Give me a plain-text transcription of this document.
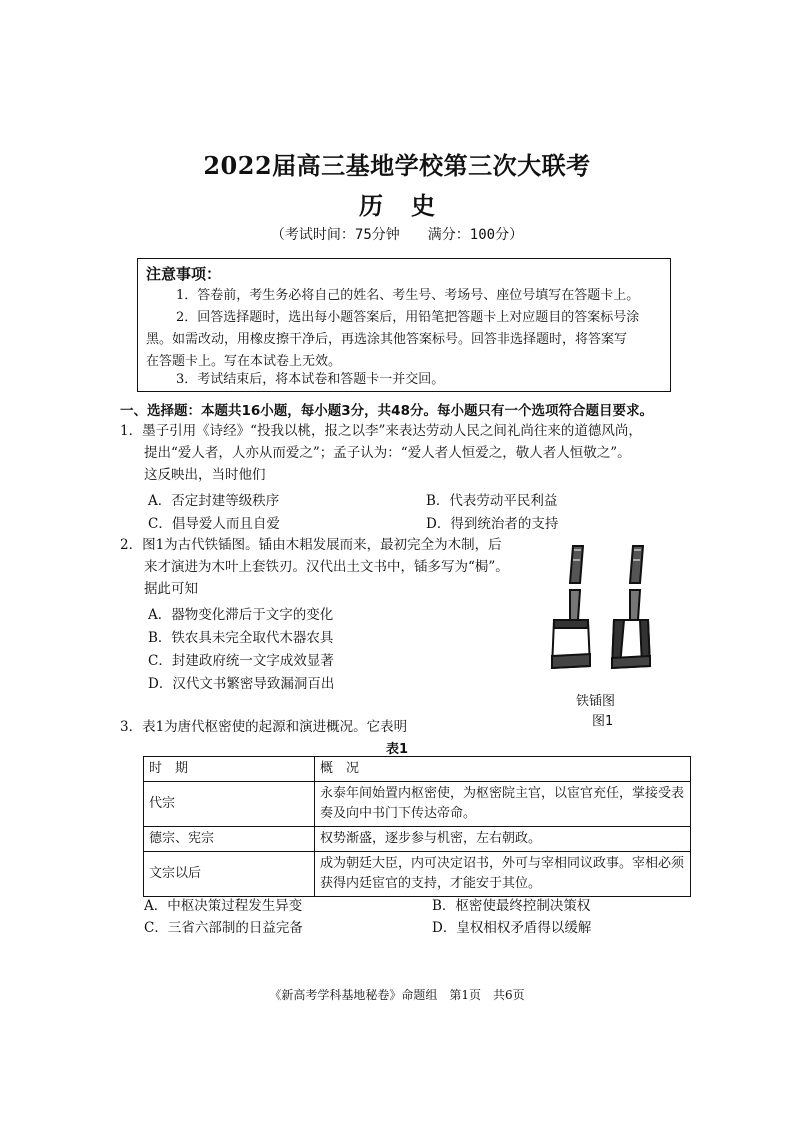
2022届高三基地学校第三次大联考
历史
（考试时间：75分钟　　满分：100分）
注意事项：
1．答卷前，考生务必将自己的姓名、考生号、考场号、座位号填写在答题卡上。
2．回答选择题时，选出每小题答案后，用铅笔把答题卡上对应题目的答案标号涂
黑。如需改动，用橡皮擦干净后，再选涂其他答案标号。回答非选择题时，将答案写
在答题卡上。写在本试卷上无效。
3．考试结束后，将本试卷和答题卡一并交回。
一、选择题：本题共16小题，每小题3分，共48分。每小题只有一个选项符合题目要求。
1．墨子引用《诗经》“投我以桃，报之以李”来表达劳动人民之间礼尚往来的道德风尚，
提出“爱人者，人亦从而爱之”；孟子认为：“爱人者人恒爱之，敬人者人恒敬之”。
这反映出，当时他们
A．否定封建等级秩序	B．代表劳动平民利益
C．倡导爱人而且自爱	D．得到统治者的支持
2．图1为古代铁锸图。锸由木耜发展而来，最初完全为木制，后
来才演进为木叶上套铁刃。汉代出土文书中，锸多写为“梮”。
据此可知
A．器物变化滞后于文字的变化
B．铁农具未完全取代木器农具
C．封建政府统一文字成效显著
D．汉代文书繁密导致漏洞百出
铁锸图
图1
3．表1为唐代枢密使的起源和演进概况。它表明
表1
时　期	概　况
代宗	永泰年间始置内枢密使，为枢密院主官，以宦官充任，掌接受表奏及向中书门下传达帝命。
德宗、宪宗	权势渐盛，逐步参与机密，左右朝政。
文宗以后	成为朝廷大臣，内可决定诏书，外可与宰相同议政事。宰相必须获得内廷宦官的支持，才能安于其位。
A．中枢决策过程发生异变	B．枢密使最终控制决策权
C．三省六部制的日益完备	D．皇权相权矛盾得以缓解
《新高考学科基地秘卷》命题组　第1页　共6页
